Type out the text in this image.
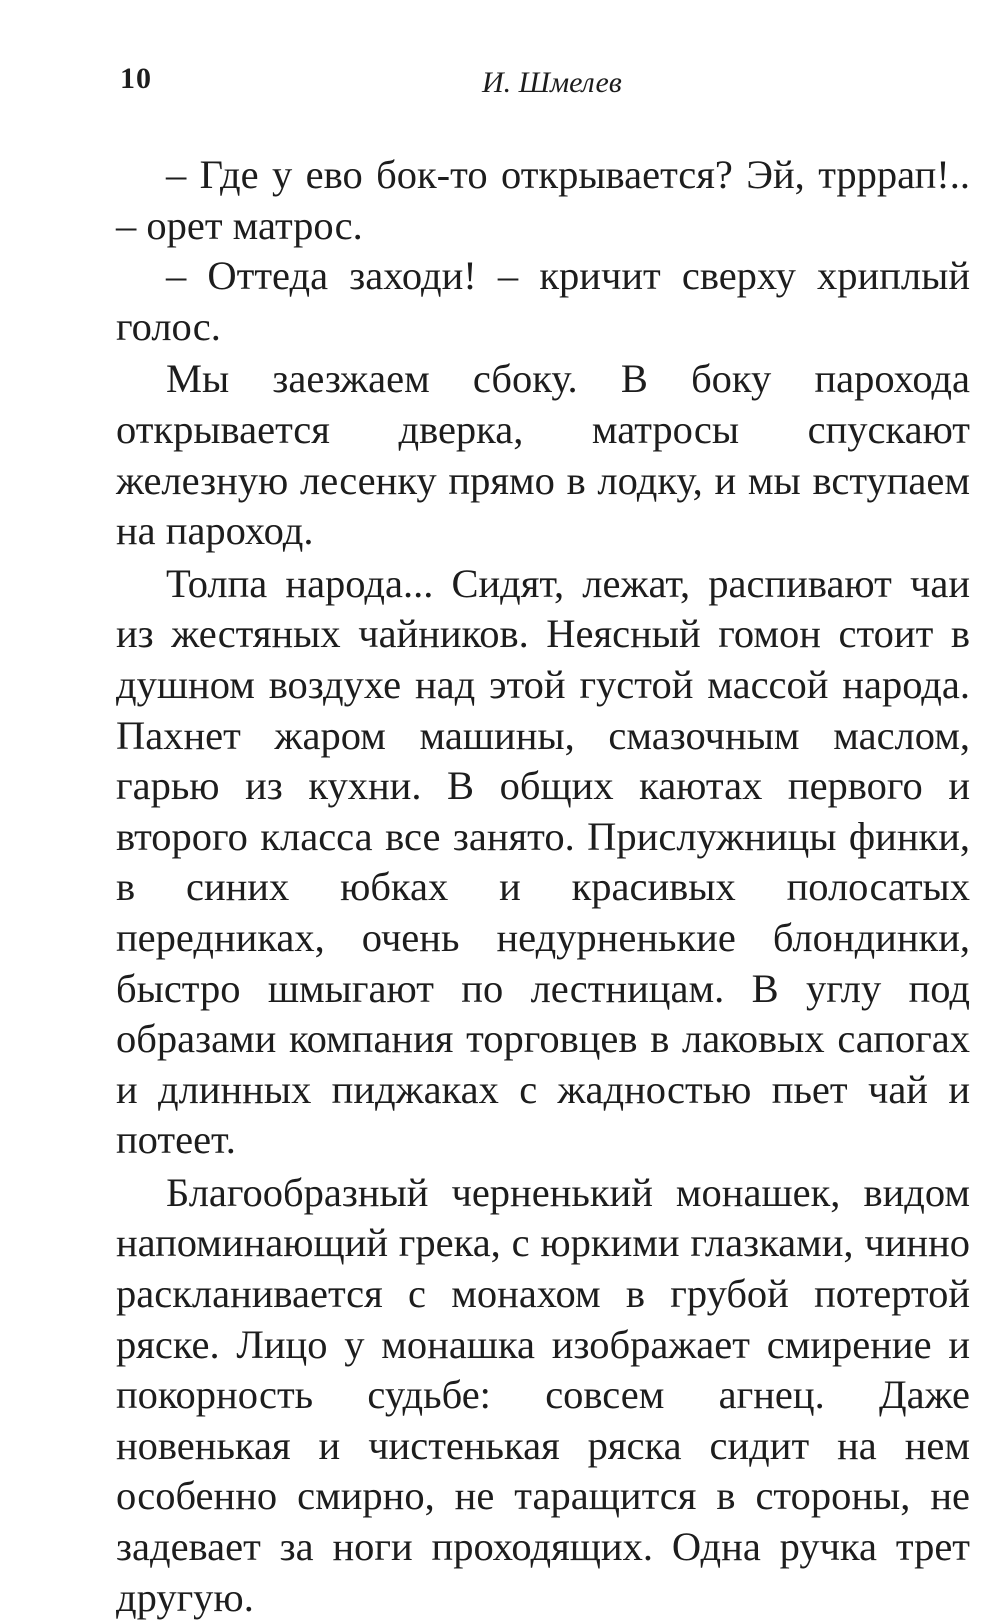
10	И. Шмелев

– Где у ево бок-то открывается? Эй, трррап!.. – орет матрос.

– Оттеда заходи! – кричит сверху хриплый голос.

Мы заезжаем сбоку. В боку парохода открывается дверка, матросы спускают железную лесенку прямо в лодку, и мы вступаем на пароход.

Толпа народа... Сидят, лежат, распивают чаи из жестяных чайников. Неясный гомон стоит в душном воздухе над этой густой массой народа. Пахнет жаром машины, смазочным маслом, гарью из кухни. В общих каютах первого и второго класса все занято. Прислужницы финки, в синих юбках и красивых полосатых передниках, очень недурненькие блондинки, быстро шмыгают по лестницам. В углу под образами компания торговцев в лаковых сапогах и длинных пиджаках с жадностью пьет чай и потеет.

Благообразный черненький монашек, видом напоминающий грека, с юркими глазками, чинно раскланивается с монахом в грубой потертой ряске. Лицо у монашка изображает смирение и покорность судьбе: совсем агнец. Даже новенькая и чистенькая ряска сидит на нем особенно смирно, не таращится в стороны, не задевает за ноги проходящих. Одна ручка трет другую.
